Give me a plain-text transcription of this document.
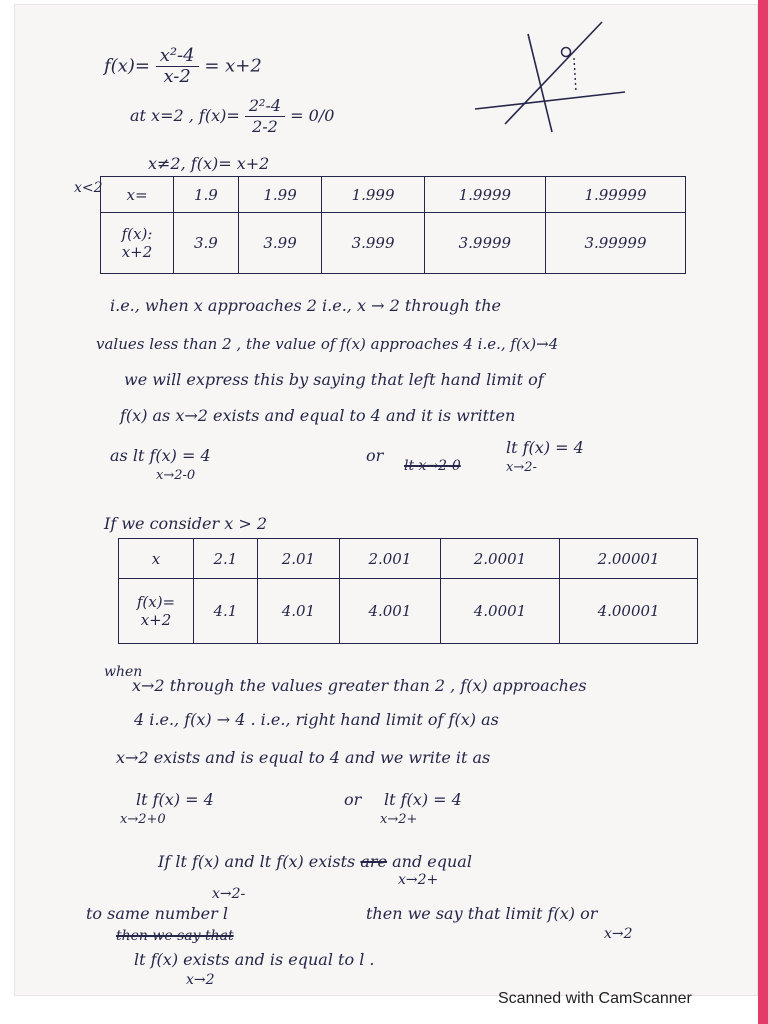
$f(x)= \frac{\text{x²-4}}{x-2} = x+2$
at x=2 , $f(x)= \frac{\text{2²-4}}{2-2} = 0/0$
x≠2, f(x)= x+2
x<2 x=	1.9	1.99	1.999	1.9999	1.99999

f(x):
x+2	3.9	3.99	3.999	3.9999	3.99999
i.e., when x approaches 2 i.e., x → 2 through the
values less than 2 , the value of f(x) approaches 4 i.e., f(x)→4
we will express this by saying that left hand limit of
f(x) as x→2 exists and equal to 4 and it is written
as lt f(x) = 4
x→2-0
or
lt x→2-0
lt f(x) = 4
x→2-
If we consider x > 2
x	2.1	2.01	2.001	2.0001	2.00001

f(x)=
x+2	4.1	4.01	4.001	4.0001	4.00001
when
x→2 through the values greater than 2 , f(x) approaches
4 i.e., f(x) → 4 . i.e., right hand limit of f(x) as
x→2 exists and is equal to 4 and we write it as
lt f(x) = 4
x→2+0
or lt f(x) = 4
x→2+
If lt f(x) and lt f(x) exists are and equal
x→2-
x→2+
to same number l	then we say that limit f(x) or
x→2
then we say that
lt f(x) exists and is equal to l .
x→2
Scanned with CamScanner
